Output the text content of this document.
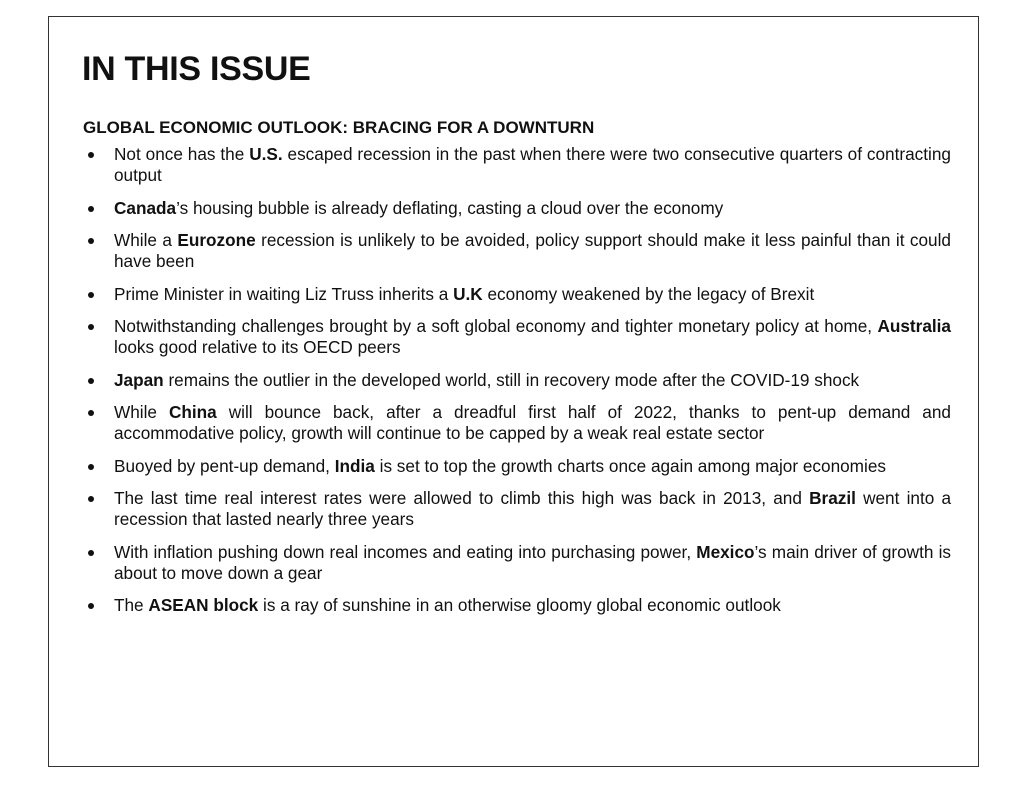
IN THIS ISSUE
GLOBAL ECONOMIC OUTLOOK: BRACING FOR A DOWNTURN
Not once has the U.S. escaped recession in the past when there were two consecutive quarters of contracting output
Canada’s housing bubble is already deflating, casting a cloud over the economy
While a Eurozone recession is unlikely to be avoided, policy support should make it less painful than it could have been
Prime Minister in waiting Liz Truss inherits a U.K economy weakened by the legacy of Brexit
Notwithstanding challenges brought by a soft global economy and tighter monetary policy at home, Australia looks good relative to its OECD peers
Japan remains the outlier in the developed world, still in recovery mode after the COVID-19 shock
While China will bounce back, after a dreadful first half of 2022, thanks to pent-up demand and accommodative policy, growth will continue to be capped by a weak real estate sector
Buoyed by pent-up demand, India is set to top the growth charts once again among major economies
The last time real interest rates were allowed to climb this high was back in 2013, and Brazil went into a recession that lasted nearly three years
With inflation pushing down real incomes and eating into purchasing power, Mexico’s main driver of growth is about to move down a gear
The ASEAN block is a ray of sunshine in an otherwise gloomy global economic outlook
